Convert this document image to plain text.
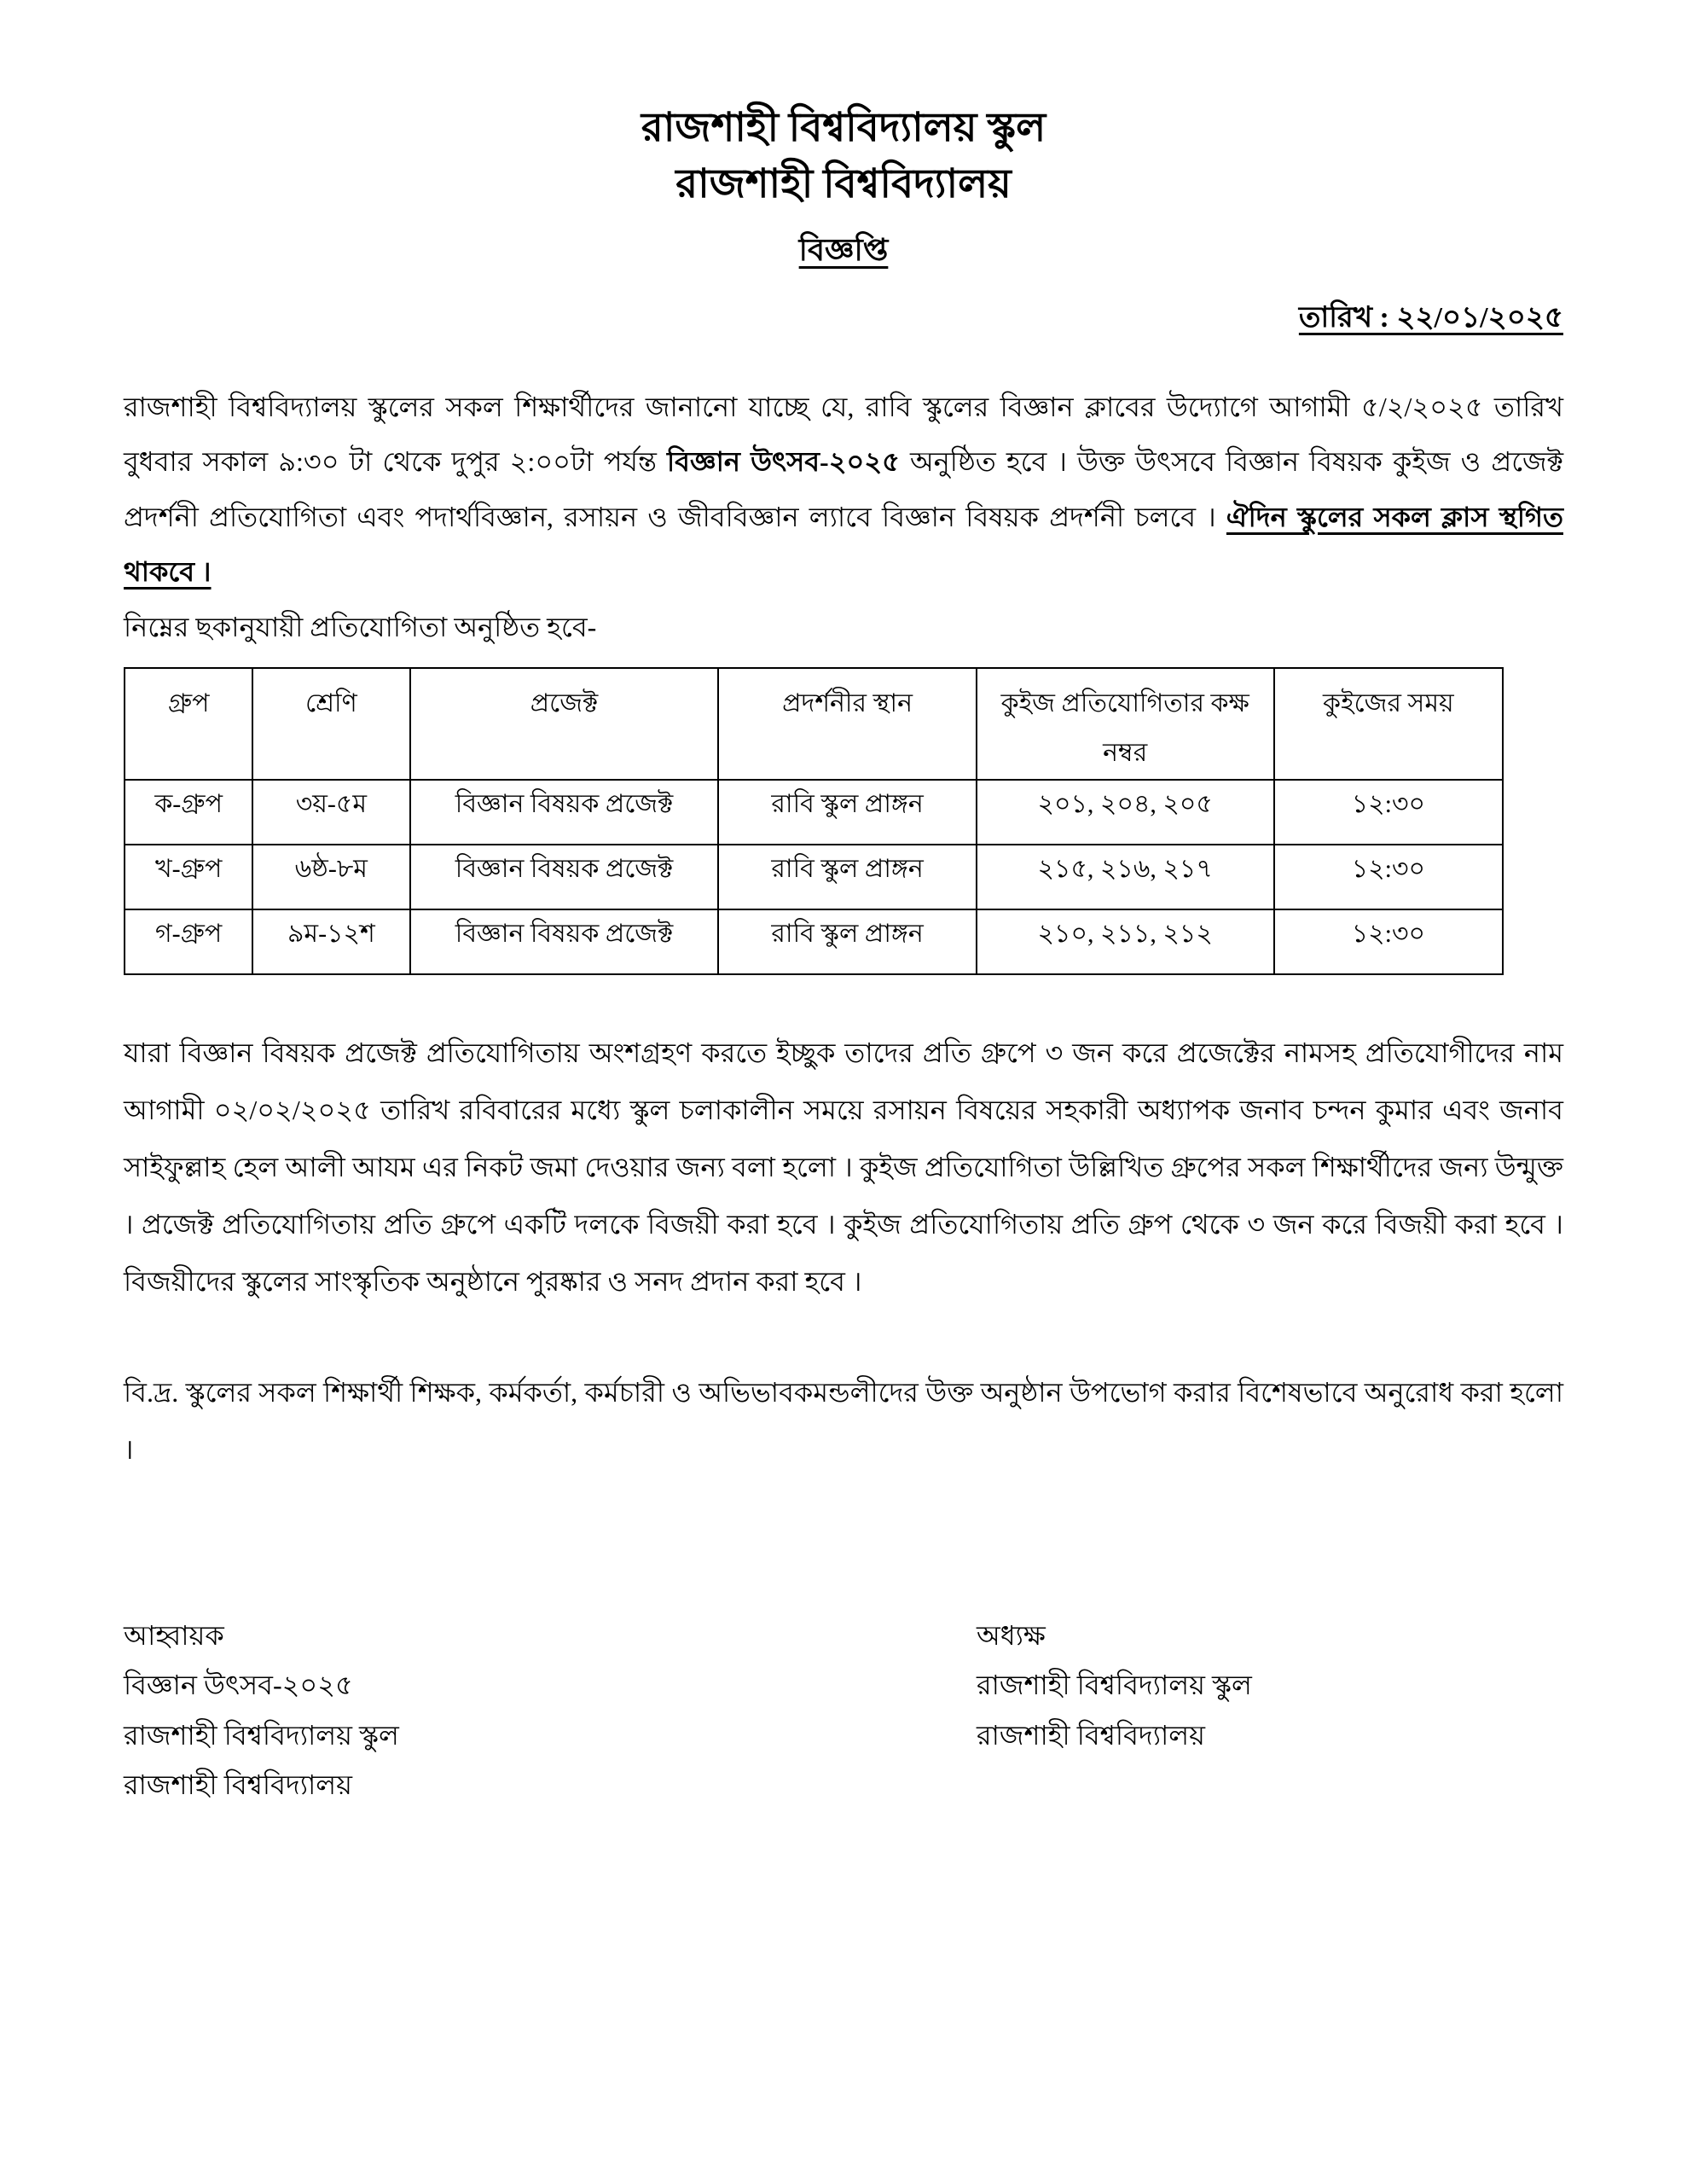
রাজশাহী বিশ্ববিদ্যালয় স্কুল
রাজশাহী বিশ্ববিদ্যালয়
বিজ্ঞপ্তি
তারিখ : ২২/০১/২০২৫
রাজশাহী বিশ্ববিদ্যালয় স্কুলের সকল শিক্ষার্থীদের জানানো যাচ্ছে যে, রাবি স্কুলের বিজ্ঞান ক্লাবের উদ্যোগে আগামী ৫/২/২০২৫ তারিখ বুধবার সকাল ৯:৩০ টা থেকে দুপুর ২:০০টা পর্যন্ত বিজ্ঞান উৎসব-২০২৫ অনুষ্ঠিত হবে । উক্ত উৎসবে বিজ্ঞান বিষয়ক কুইজ ও প্রজেক্ট প্রদর্শনী প্রতিযোগিতা এবং পদার্থবিজ্ঞান, রসায়ন ও জীববিজ্ঞান ল্যাবে বিজ্ঞান বিষয়ক প্রদর্শনী চলবে । ঐদিন স্কুলের সকল ক্লাস স্থগিত থাকবে ।
নিম্নের ছকানুযায়ী প্রতিযোগিতা অনুষ্ঠিত হবে-
গ্রুপ	শ্রেণি	প্রজেক্ট	প্রদর্শনীর স্থান	কুইজ প্রতিযোগিতার কক্ষ নম্বর	কুইজের সময়
ক-গ্রুপ	৩য়-৫ম	বিজ্ঞান বিষয়ক প্রজেক্ট	রাবি স্কুল প্রাঙ্গন	২০১, ২০৪, ২০৫	১২:৩০
খ-গ্রুপ	৬ষ্ঠ-৮ম	বিজ্ঞান বিষয়ক প্রজেক্ট	রাবি স্কুল প্রাঙ্গন	২১৫, ২১৬, ২১৭	১২:৩০
গ-গ্রুপ	৯ম-১২শ	বিজ্ঞান বিষয়ক প্রজেক্ট	রাবি স্কুল প্রাঙ্গন	২১০, ২১১, ২১২	১২:৩০
যারা বিজ্ঞান বিষয়ক প্রজেক্ট প্রতিযোগিতায় অংশগ্রহণ করতে ইচ্ছুক তাদের প্রতি গ্রুপে ৩ জন করে প্রজেক্টের নামসহ প্রতিযোগীদের নাম আগামী ০২/০২/২০২৫ তারিখ রবিবারের মধ্যে স্কুল চলাকালীন সময়ে রসায়ন বিষয়ের সহকারী অধ্যাপক জনাব চন্দন কুমার এবং জনাব সাইফুল্লাহ হেল আলী আযম এর নিকট জমা দেওয়ার জন্য বলা হলো । কুইজ প্রতিযোগিতা উল্লিখিত গ্রুপের সকল শিক্ষার্থীদের জন্য উন্মুক্ত । প্রজেক্ট প্রতিযোগিতায় প্রতি গ্রুপে একটি দলকে বিজয়ী করা হবে । কুইজ প্রতিযোগিতায় প্রতি গ্রুপ থেকে ৩ জন করে বিজয়ী করা হবে । বিজয়ীদের স্কুলের সাংস্কৃতিক অনুষ্ঠানে পুরষ্কার ও সনদ প্রদান করা হবে ।
বি.দ্র. স্কুলের সকল শিক্ষার্থী শিক্ষক, কর্মকর্তা, কর্মচারী ও অভিভাবকমন্ডলীদের উক্ত অনুষ্ঠান উপভোগ করার বিশেষভাবে অনুরোধ করা হলো ।
আহ্বায়ক
বিজ্ঞান উৎসব-২০২৫
রাজশাহী বিশ্ববিদ্যালয় স্কুল
রাজশাহী বিশ্ববিদ্যালয়
অধ্যক্ষ
রাজশাহী বিশ্ববিদ্যালয় স্কুল
রাজশাহী বিশ্ববিদ্যালয়
